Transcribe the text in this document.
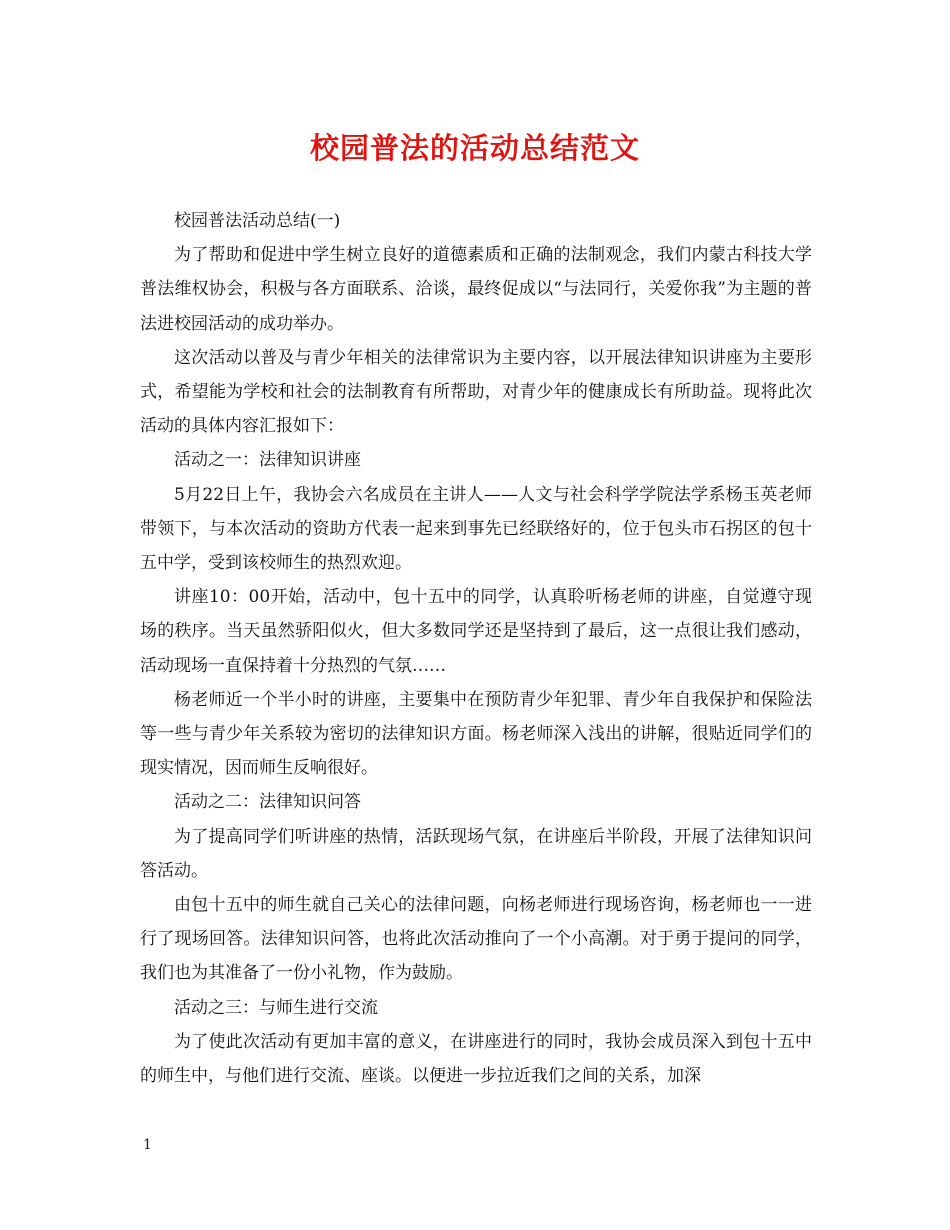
校园普法的活动总结范文

校园普法活动总结(一)

为了帮助和促进中学生树立良好的道德素质和正确的法制观念，我们内蒙古科技大学普法维权协会，积极与各方面联系、洽谈，最终促成以“与法同行，关爱你我”为主题的普法进校园活动的成功举办。

这次活动以普及与青少年相关的法律常识为主要内容，以开展法律知识讲座为主要形式，希望能为学校和社会的法制教育有所帮助，对青少年的健康成长有所助益。现将此次活动的具体内容汇报如下：

活动之一：法律知识讲座

5月22日上午，我协会六名成员在主讲人——人文与社会科学学院法学系杨玉英老师带领下，与本次活动的资助方代表一起来到事先已经联络好的，位于包头市石拐区的包十五中学，受到该校师生的热烈欢迎。

讲座10：00开始，活动中，包十五中的同学，认真聆听杨老师的讲座，自觉遵守现场的秩序。当天虽然骄阳似火，但大多数同学还是坚持到了最后，这一点很让我们感动，活动现场一直保持着十分热烈的气氛……

杨老师近一个半小时的讲座，主要集中在预防青少年犯罪、青少年自我保护和保险法等一些与青少年关系较为密切的法律知识方面。杨老师深入浅出的讲解，很贴近同学们的现实情况，因而师生反响很好。

活动之二：法律知识问答

为了提高同学们听讲座的热情，活跃现场气氛，在讲座后半阶段，开展了法律知识问答活动。

由包十五中的师生就自己关心的法律问题，向杨老师进行现场咨询，杨老师也一一进行了现场回答。法律知识问答，也将此次活动推向了一个小高潮。对于勇于提问的同学，我们也为其准备了一份小礼物，作为鼓励。

活动之三：与师生进行交流

为了使此次活动有更加丰富的意义，在讲座进行的同时，我协会成员深入到包十五中的师生中，与他们进行交流、座谈。以便进一步拉近我们之间的关系，加深

1
